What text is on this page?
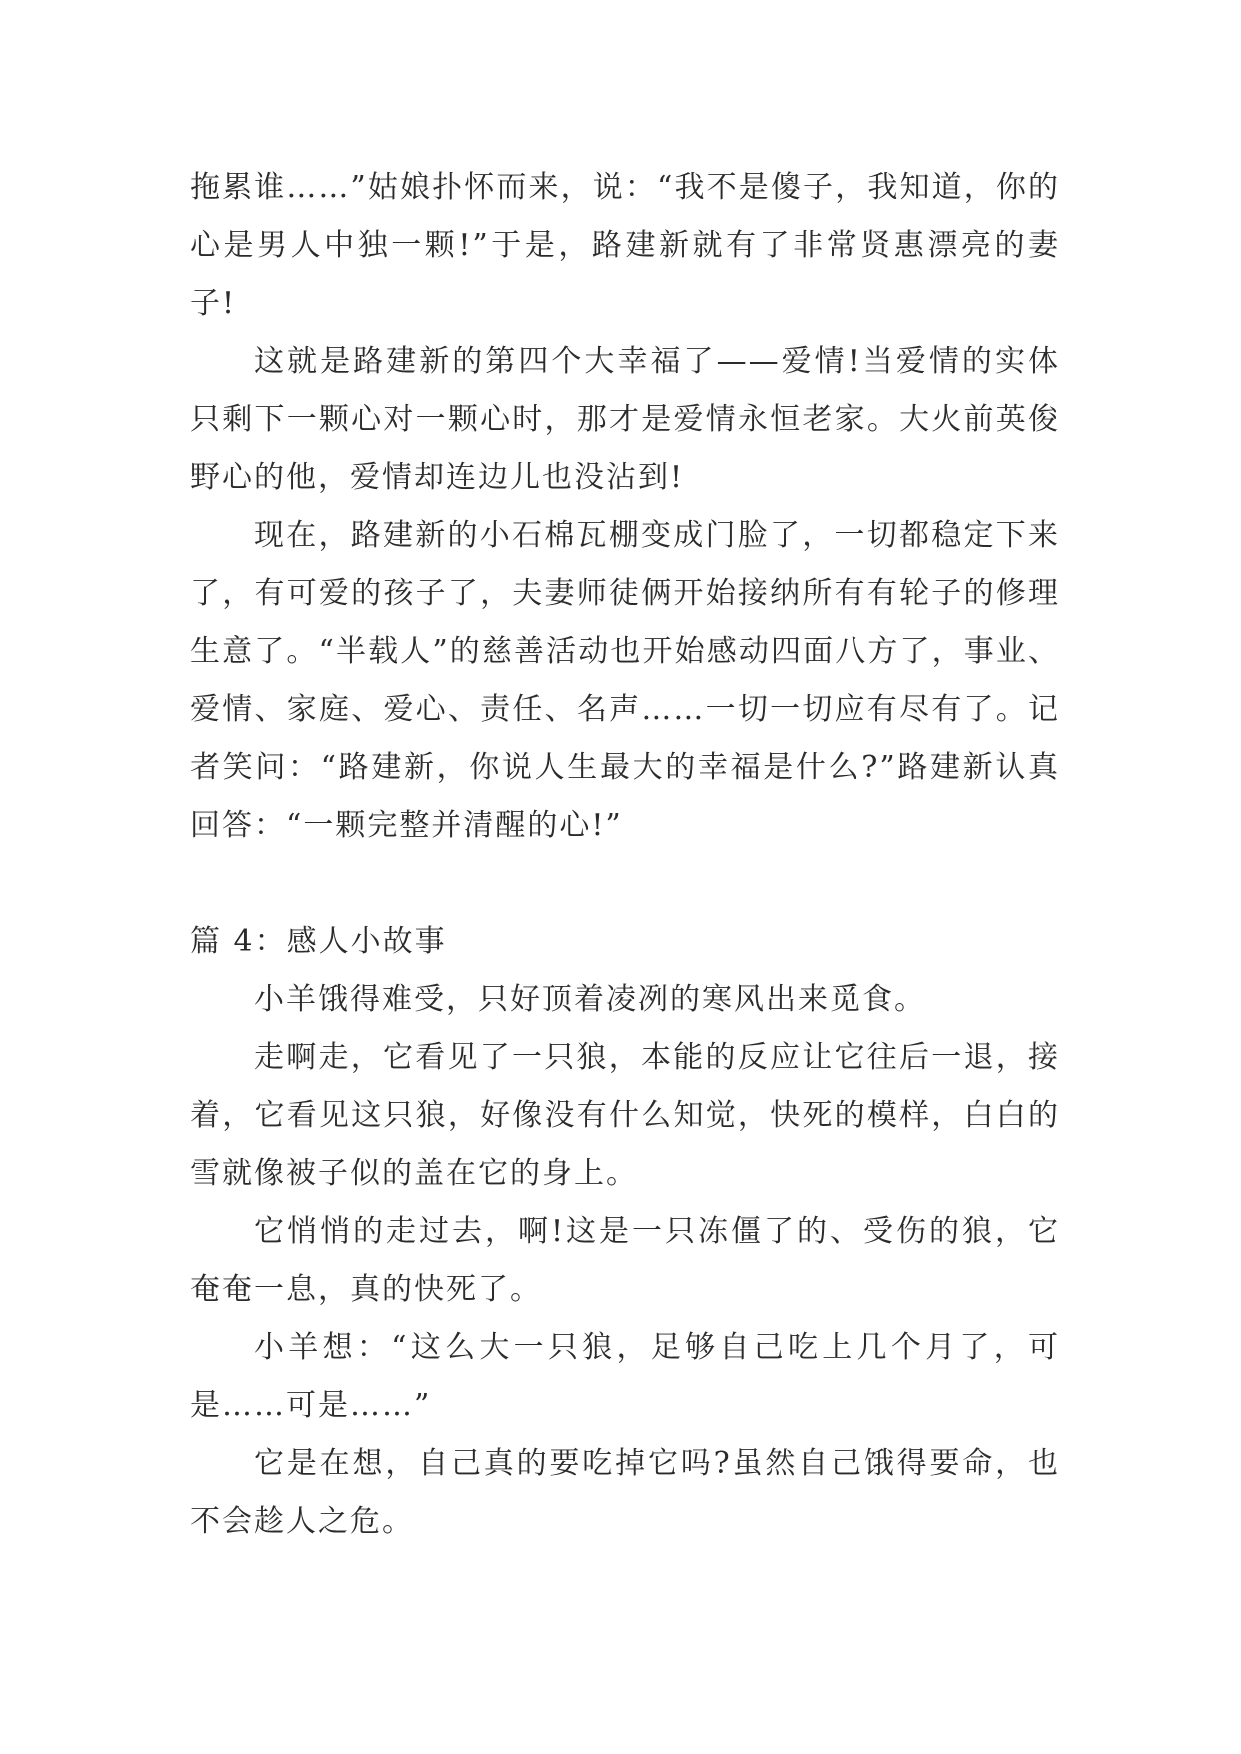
拖累谁……”姑娘扑怀而来，说：“我不是傻子，我知道，你的心是男人中独一颗!”于是，路建新就有了非常贤惠漂亮的妻子!

这就是路建新的第四个大幸福了——爱情!当爱情的实体只剩下一颗心对一颗心时，那才是爱情永恒老家。大火前英俊野心的他，爱情却连边儿也没沾到!

现在，路建新的小石棉瓦棚变成门脸了，一切都稳定下来了，有可爱的孩子了，夫妻师徒俩开始接纳所有有轮子的修理生意了。“半载人”的慈善活动也开始感动四面八方了，事业、爱情、家庭、爱心、责任、名声……一切一切应有尽有了。记者笑问：“路建新，你说人生最大的幸福是什么?”路建新认真回答：“一颗完整并清醒的心!”

篇 4：感人小故事

小羊饿得难受，只好顶着凌冽的寒风出来觅食。

走啊走，它看见了一只狼，本能的反应让它往后一退，接着，它看见这只狼，好像没有什么知觉，快死的模样，白白的雪就像被子似的盖在它的身上。

它悄悄的走过去，啊!这是一只冻僵了的、受伤的狼，它奄奄一息，真的快死了。

小羊想：“这么大一只狼，足够自己吃上几个月了，可是……可是……”

它是在想，自己真的要吃掉它吗?虽然自己饿得要命，也不会趁人之危。
